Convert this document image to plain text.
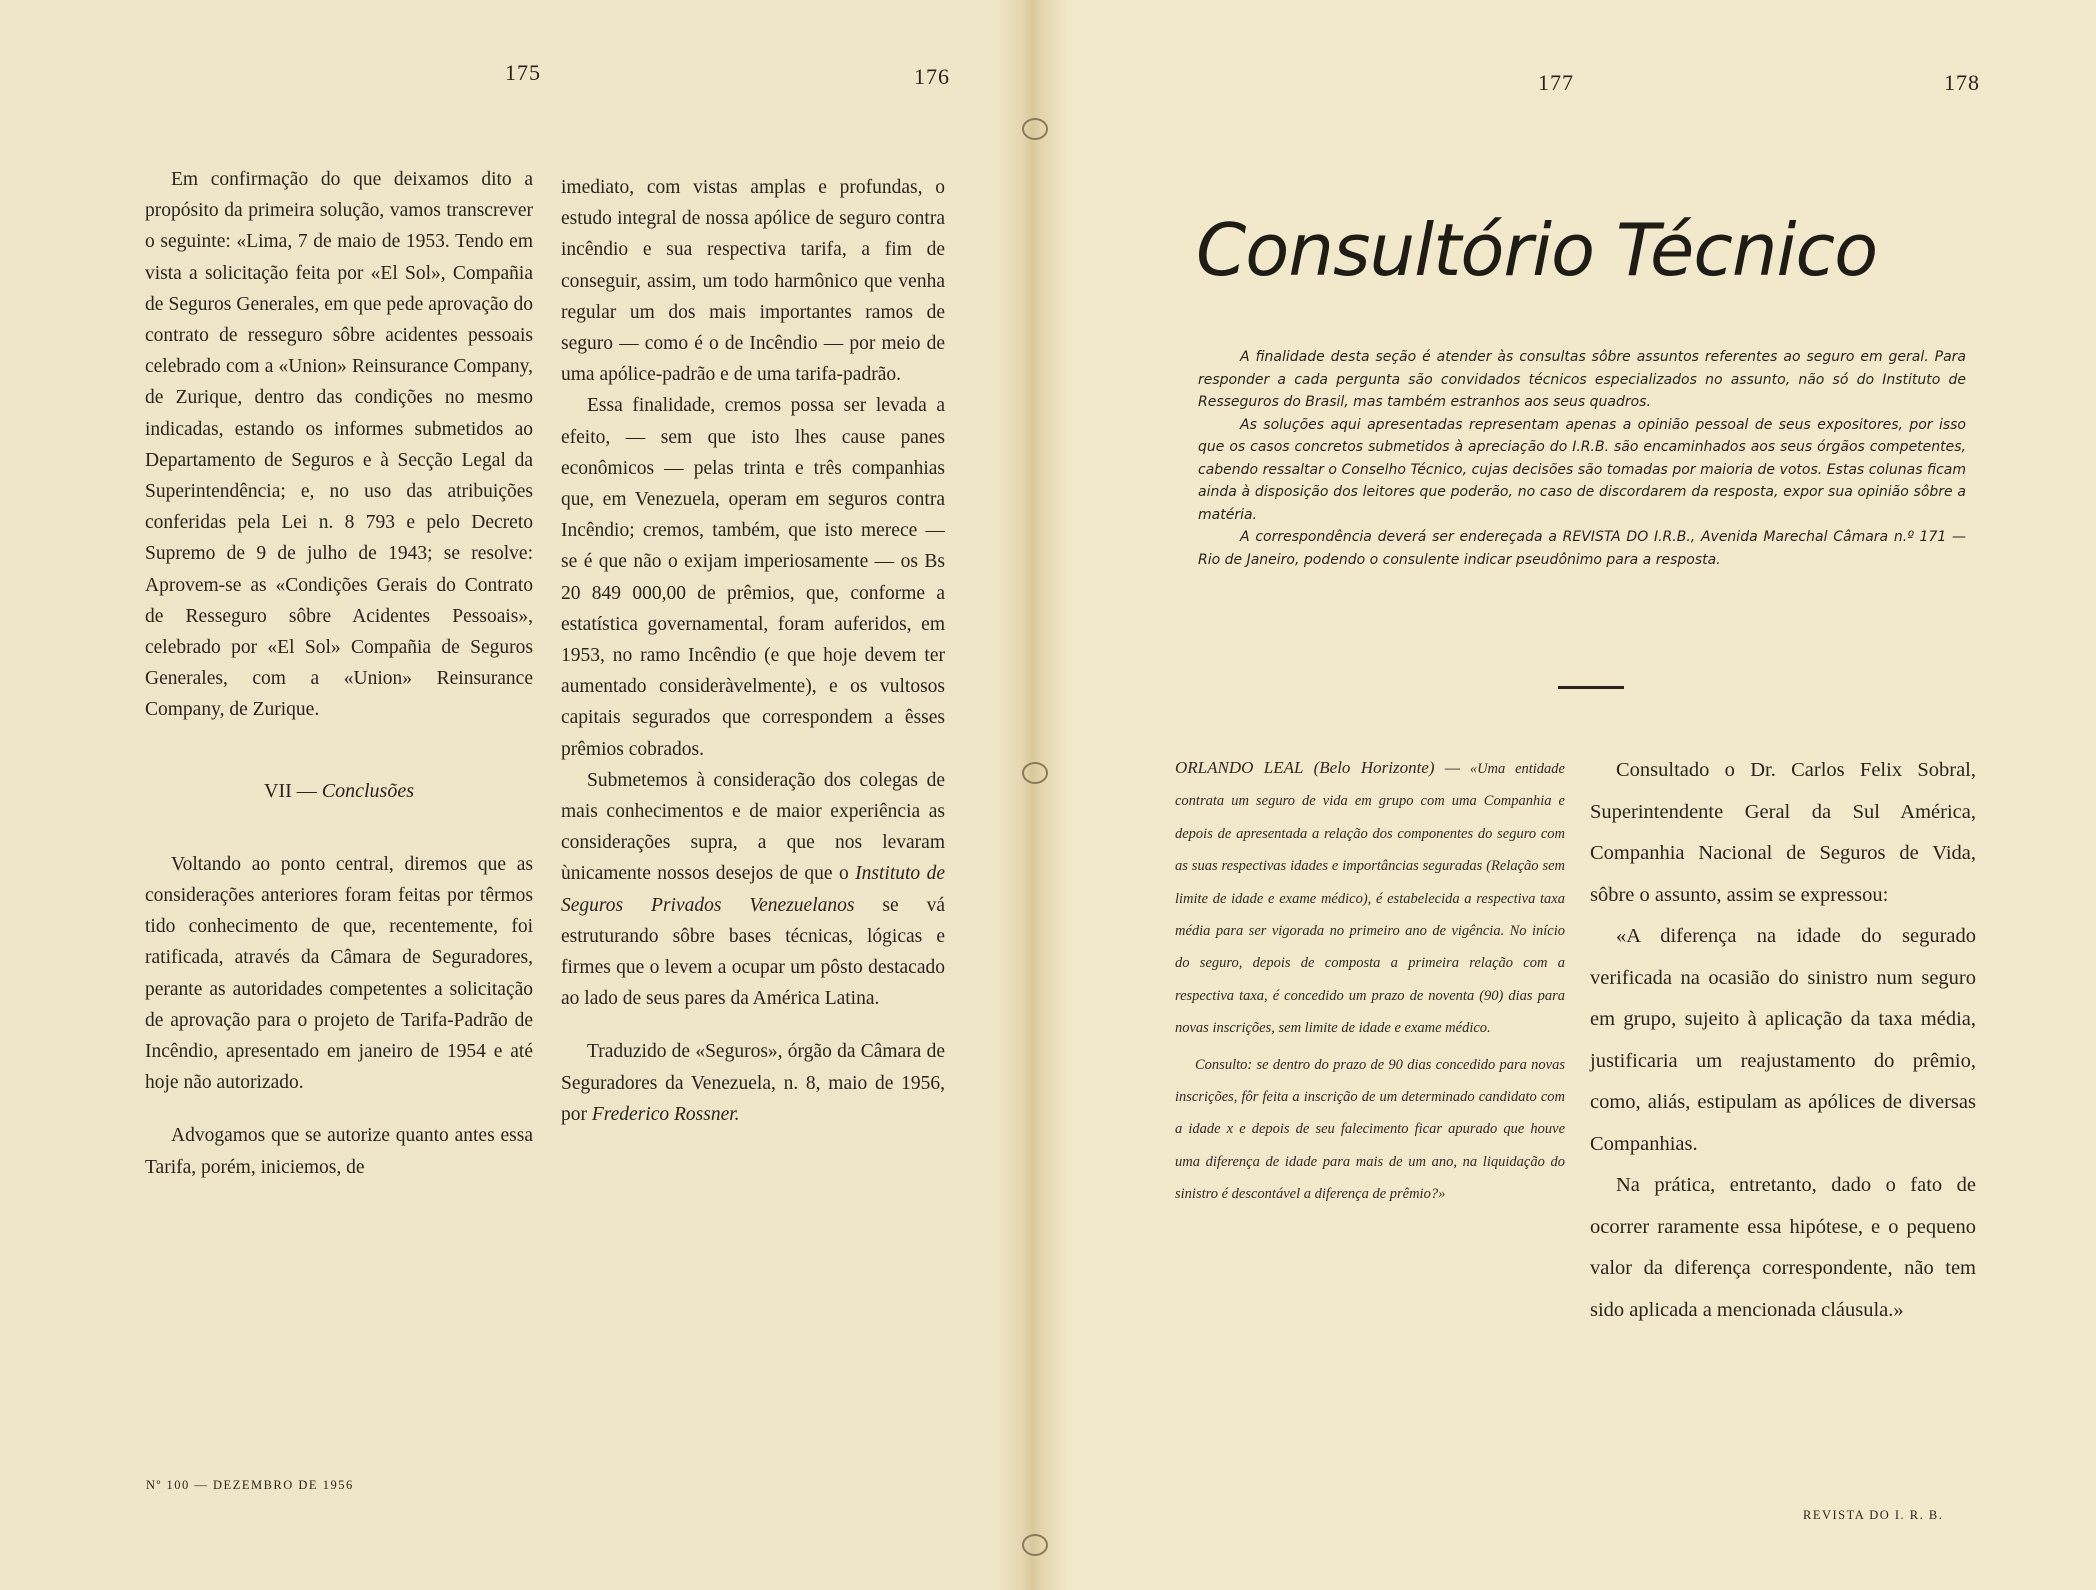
175	176	177	178

Em confirmação do que deixamos dito a propósito da primeira solução, vamos transcrever o seguinte: «Lima, 7 de maio de 1953. Tendo em vista a solicitação feita por «El Sol», Compañia de Seguros Generales, em que pede aprovação do contrato de resseguro sôbre acidentes pessoais celebrado com a «Union» Reinsurance Company, de Zurique, dentro das condições no mesmo indicadas, estando os informes submetidos ao Departamento de Seguros e à Secção Legal da Superintendência; e, no uso das atribuições conferidas pela Lei n. 8 793 e pelo Decreto Supremo de 9 de julho de 1943; se resolve: Aprovem-se as «Condições Gerais do Contrato de Resseguro sôbre Acidentes Pessoais», celebrado por «El Sol» Compañia de Seguros Generales, com a «Union» Reinsurance Company, de Zurique.

VII — Conclusões

Voltando ao ponto central, diremos que as considerações anteriores foram feitas por têrmos tido conhecimento de que, recentemente, foi ratificada, através da Câmara de Seguradores, perante as autoridades competentes a solicitação de aprovação para o projeto de Tarifa-Padrão de Incêndio, apresentado em janeiro de 1954 e até hoje não autorizado.

Advogamos que se autorize quanto antes essa Tarifa, porém, iniciemos, de

imediato, com vistas amplas e profundas, o estudo integral de nossa apólice de seguro contra incêndio e sua respectiva tarifa, a fim de conseguir, assim, um todo harmônico que venha regular um dos mais importantes ramos de seguro — como é o de Incêndio — por meio de uma apólice-padrão e de uma tarifa-padrão.

Essa finalidade, cremos possa ser levada a efeito, — sem que isto lhes cause panes econômicos — pelas trinta e três companhias que, em Venezuela, operam em seguros contra Incêndio; cremos, também, que isto merece — se é que não o exijam imperiosamente — os Bs 20 849 000,00 de prêmios, que, conforme a estatística governamental, foram auferidos, em 1953, no ramo Incêndio (e que hoje devem ter aumentado consideràvelmente), e os vultosos capitais segurados que correspondem a êsses prêmios cobrados.

Submetemos à consideração dos colegas de mais conhecimentos e de maior experiência as considerações supra, a que nos levaram ùnicamente nossos desejos de que o Instituto de Seguros Privados Venezuelanos se vá estruturando sôbre bases técnicas, lógicas e firmes que o levem a ocupar um pôsto destacado ao lado de seus pares da América Latina.

Traduzido de «Seguros», órgão da Câmara de Seguradores da Venezuela, n. 8, maio de 1956, por Frederico Rossner.

Nº 100 — DEZEMBRO DE 1956
REVISTA DO I. R. B.
Consultório Técnico

A finalidade desta seção é atender às consultas sôbre assuntos referentes ao seguro em geral. Para responder a cada pergunta são convidados técnicos especializados no assunto, não só do Instituto de Resseguros do Brasil, mas também estranhos aos seus quadros.

As soluções aqui apresentadas representam apenas a opinião pessoal de seus expositores, por isso que os casos concretos submetidos à apreciação do I.R.B. são encaminhados aos seus órgãos competentes, cabendo ressaltar o Conselho Técnico, cujas decisões são tomadas por maioria de votos. Estas colunas ficam ainda à disposição dos leitores que poderão, no caso de discordarem da resposta, expor sua opinião sôbre a matéria.

A correspondência deverá ser endereçada a REVISTA DO I.R.B., Avenida Marechal Câmara n.º 171 — Rio de Janeiro, podendo o consulente indicar pseudônimo para a resposta.

ORLANDO LEAL (Belo Horizonte) — «Uma entidade contrata um seguro de vida em grupo com uma Companhia e depois de apresentada a relação dos componentes do seguro com as suas respectivas idades e importâncias seguradas (Relação sem limite de idade e exame médico), é estabelecida a respectiva taxa média para ser vigorada no primeiro ano de vigência. No início do seguro, depois de composta a primeira relação com a respectiva taxa, é concedido um prazo de noventa (90) dias para novas inscrições, sem limite de idade e exame médico.

Consulto: se dentro do prazo de 90 dias concedido para novas inscrições, fôr feita a inscrição de um determinado candidato com a idade x e depois de seu falecimento ficar apurado que houve uma diferença de idade para mais de um ano, na liquidação do sinistro é descontável a diferença de prêmio?»

Consultado o Dr. Carlos Felix Sobral, Superintendente Geral da Sul América, Companhia Nacional de Seguros de Vida, sôbre o assunto, assim se expressou:

«A diferença na idade do segurado verificada na ocasião do sinistro num seguro em grupo, sujeito à aplicação da taxa média, justificaria um reajustamento do prêmio, como, aliás, estipulam as apólices de diversas Companhias.

Na prática, entretanto, dado o fato de ocorrer raramente essa hipótese, e o pequeno valor da diferença correspondente, não tem sido aplicada a mencionada cláusula.»
